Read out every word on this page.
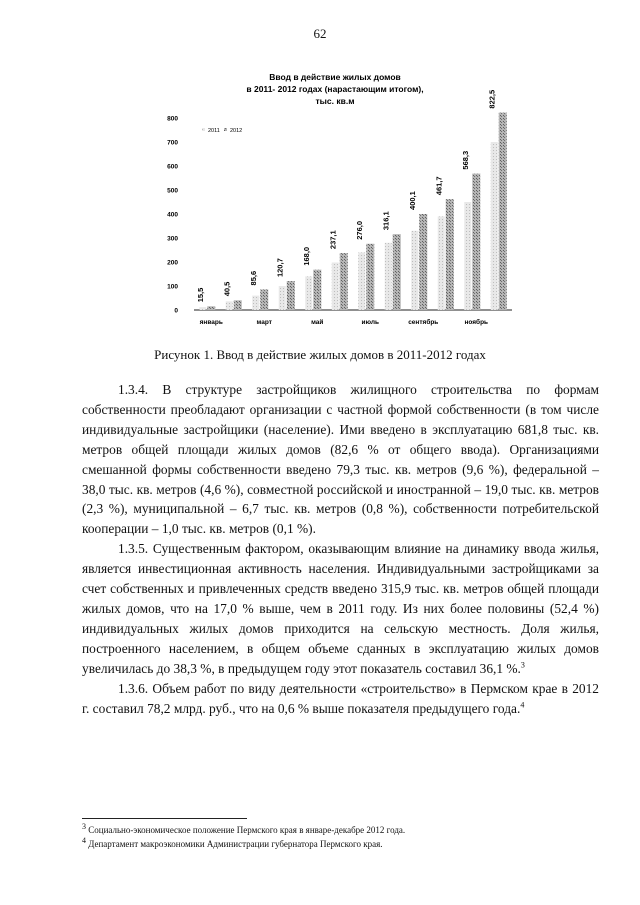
62
Ввод в действие жилых домов
в 2011- 2012 годах (нарастающим итогом),
тыс. кв.м
2011 2012
0
100
200
300
400
500
600
700
800
15,5 40,5
85,6
120,7
168,0
237,1 276,0
316,1
400,1
461,7
568,3
822,5
январь	март	май	июль	сентябрь	ноябрь
Рисунок 1. Ввод в действие жилых домов в 2011-2012 годах

1.3.4. В структуре застройщиков жилищного строительства по формам собственности преобладают организации с частной формой собственности (в том числе индивидуальные застройщики (население). Ими введено в эксплуатацию 681,8 тыс. кв. метров общей площади жилых домов (82,6 % от общего ввода). Организациями смешанной формы собственности введено 79,3 тыс. кв. метров (9,6 %), федеральной – 38,0 тыс. кв. метров (4,6 %), совместной российской и иностранной – 19,0 тыс. кв. метров (2,3 %), муниципальной – 6,7 тыс. кв. метров (0,8 %), собственности потребительской кооперации – 1,0 тыс. кв. метров (0,1 %).

1.3.5. Существенным фактором, оказывающим влияние на динамику ввода жилья, является инвестиционная активность населения. Индивидуальными застройщиками за счет собственных и привлеченных средств введено 315,9 тыс. кв. метров общей площади жилых домов, что на 17,0 % выше, чем в 2011 году. Из них более половины (52,4 %) индивидуальных жилых домов приходится на сельскую местность. Доля жилья, построенного населением, в общем объеме сданных в эксплуатацию жилых домов увеличилась до 38,3 %, в предыдущем году этот показатель составил 36,1 %.$^3$

1.3.6. Объем работ по виду деятельности «строительство» в Пермском крае в 2012 г. составил 78,2 млрд. руб., что на 0,6 % выше показателя предыдущего года.$^4$

$^3$ Социально-экономическое положение Пермского края в январе-декабре 2012 года.
$^4$ Департамент макроэкономики Администрации губернатора Пермского края.
